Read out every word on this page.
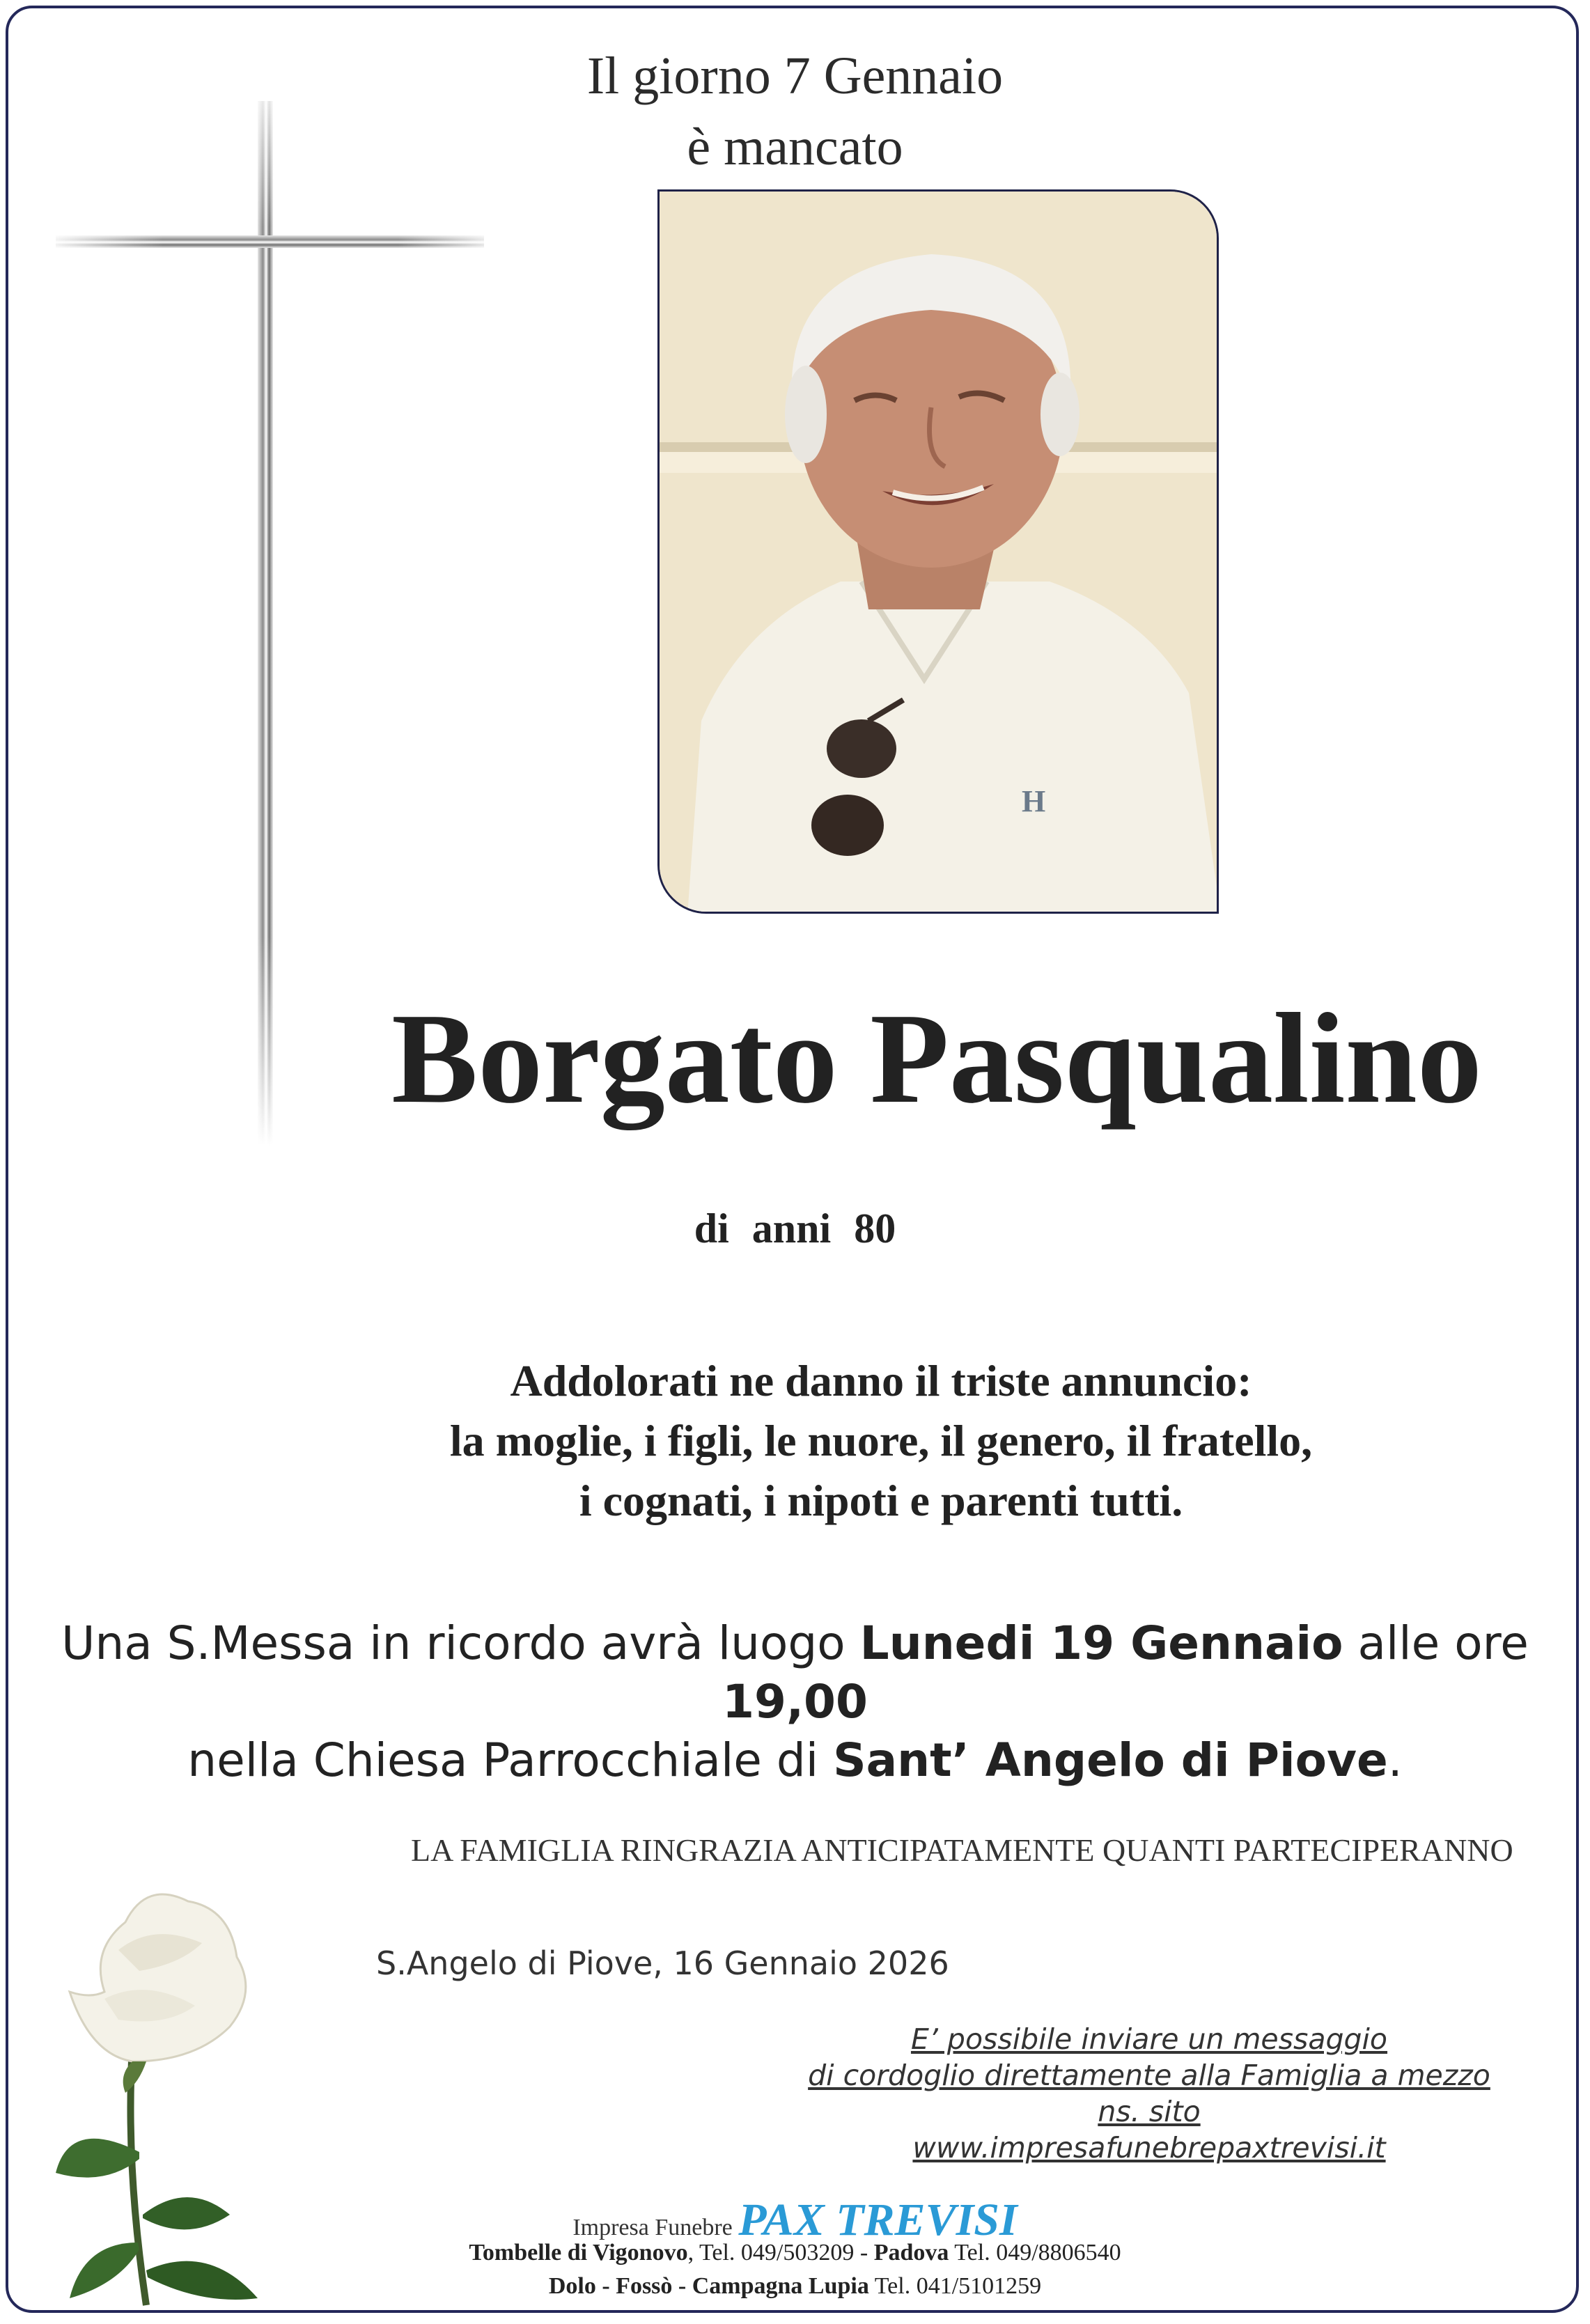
Il giorno 7 Gennaio
è mancato
H
Borgato Pasqualino
di anni 80
Addolorati ne danno il triste annuncio:
la moglie, i figli, le nuore, il genero, il fratello,
i cognati, i nipoti e parenti tutti.
Una S.Messa in ricordo avrà luogo Lunedi 19 Gennaio alle ore 19,00
nella Chiesa Parrocchiale di Sant’ Angelo di Piove.
LA FAMIGLIA RINGRAZIA ANTICIPATAMENTE QUANTI PARTECIPERANNO
S.Angelo di Piove, 16 Gennaio 2026
E’ possibile inviare un messaggio
di cordoglio direttamente alla Famiglia a mezzo ns. sito
www.impresafunebrepaxtrevisi.it
Impresa Funebre PAX TREVISI
Tombelle di Vigonovo, Tel. 049/503209 - Padova Tel. 049/8806540
Dolo - Fossò - Campagna Lupia Tel. 041/5101259
